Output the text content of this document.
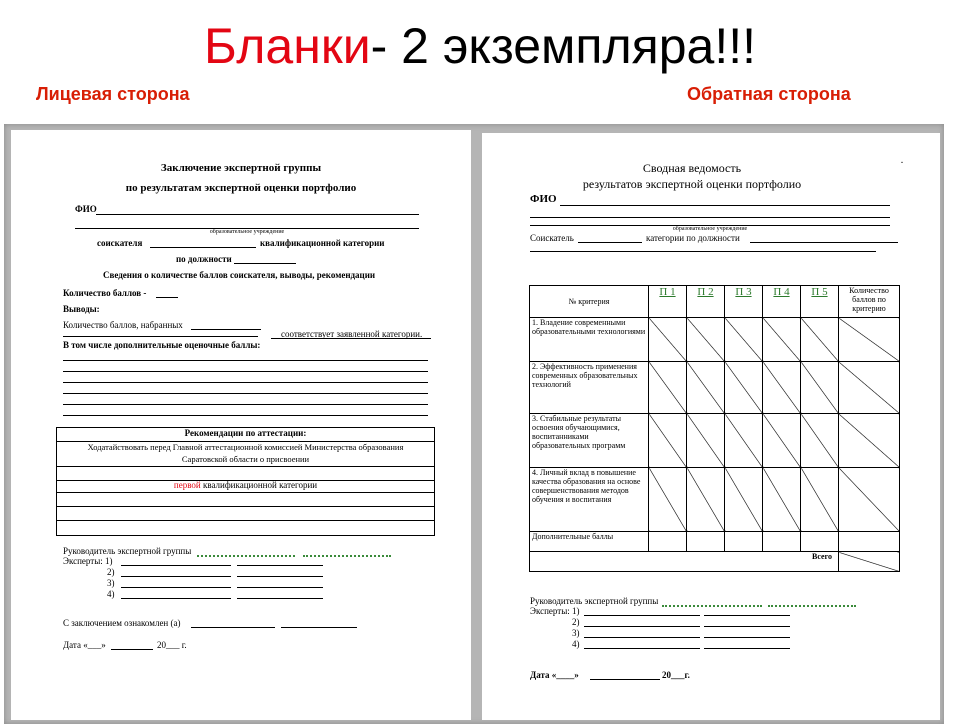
Бланки- 2 экземпляра!!!
Лицевая сторона	Обратная сторона
Заключение экспертной группы
по результатам экспертной оценки портфолио
ФИО
образовательное учреждение
соискателя	квалификационной категории
по должности
Сведения о количестве баллов соискателя, выводы, рекомендации
Количество баллов -
Выводы:
Количество баллов, набранных
соответствует заявленной категории.
В том числе дополнительные оценочные баллы:
Рекомендации по аттестации:
Ходатайствовать перед Главной аттестационной комиссией Министерства образования
Саратовской области о присвоении
первой квалификационной категории
Руководитель экспертной группы
Эксперты: 1)
2)
3)
4)
С заключением ознакомлен (а)
Дата «___»	20___ г.
Сводная ведомость
результатов экспертной оценки портфолио
ФИО
образовательное учреждение
Соискатель	категории по должности
№ критерия	П 1	П 2	П 3	П 4	П 5	Количество баллов по критерию
1. Владение современными образовательными технологиями						
2. Эффективность применения современных образовательных технологий						
3. Стабильные результаты освоения обучающимися, воспитанниками образовательных программ						
4. Личный вклад в повышение качества образования на основе совершенствования методов обучения и воспитания						
Дополнительные баллы						
Всего						
Руководитель экспертной группы
Эксперты: 1)
2)
3)
4)
Дата «____»	20___г.
